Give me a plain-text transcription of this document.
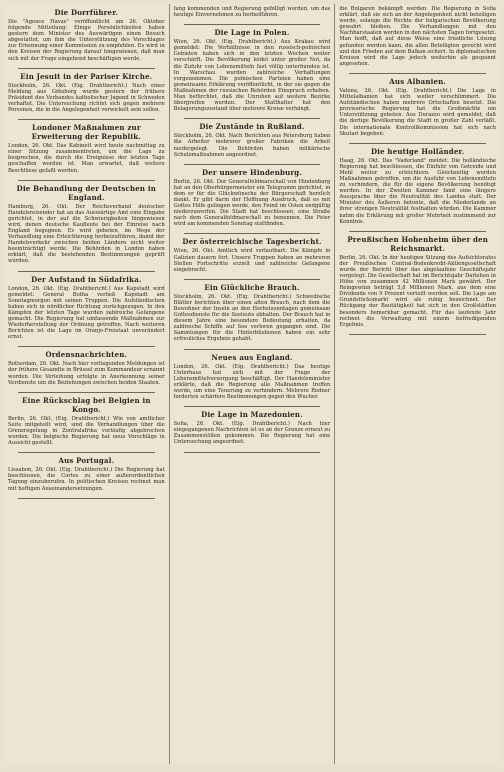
Die Dorrführer.

Die "Agence Havas" veröffentlicht am 26. Oktober folgende Mitteilung: Einige Persönlichkeiten haben gestern dem Minister des Auswärtigen einen Besuch abgestattet, um ihm die Unterstützung des Vorschlages zur Ernennung einer Kommission zu empfehlen. Es wird in den Kreisen der Regierung darauf hingewiesen, daß man sich mit der Frage eingehend beschäftigen werde.

Ein Jesuit in der Pariser Kirche.

Stockholm, 26. Okt. (Eig. Drahtbericht.) Nach einer Meldung aus Göteborg wurde gestern der frühere Präsident des Verbandes katholischer Jugend in Schweden verhaftet. Die Untersuchung richtet sich gegen mehrere Personen, die in die Angelegenheit verwickelt sein sollen.

Londoner Maßnahmen zur Erweiterung der Republik.

London, 26. Okt. Das Kabinett wird heute nachmittag zu einer Sitzung zusammentreten, um die Lage zu besprechen, die durch die Ereignisse der letzten Tage geschaffen worden ist. Man erwartet, daß weitere Beschlüsse gefaßt werden.

Die Behandlung der Deutschen in England.

Hamburg, 26. Okt. Der Reichsverband deutscher Handelsreisender hat an das Auswärtige Amt eine Eingabe gerichtet, in der auf die Schwierigkeiten hingewiesen wird, denen deutsche Kaufleute bei der Einreise nach England begegnen. Es wird gebeten, im Wege der Verhandlung eine Erleichterung herbeizuführen, damit der Handelsverkehr zwischen beiden Ländern nicht weiter beeinträchtigt werde. Die Behörden in London haben erklärt, daß die bestehenden Bestimmungen geprüft würden.

Der Aufstand in Südafrika.

London, 26. Okt. (Eig. Drahtbericht.) Aus Kapstadt wird gemeldet: General Botha verließ Kapstadt am Sonntagmorgen mit seinen Truppen. Die Aufständischen haben sich in nördlicher Richtung zurückgezogen. In den Kämpfen der letzten Tage wurden zahlreiche Gefangene gemacht. Die Regierung hat umfassende Maßnahmen zur Wiederherstellung der Ordnung getroffen. Nach weiteren Berichten ist die Lage im Oranje-Freistaat unverändert ernst.

Ordensnachrichten.

Rotterdam, 26. Okt. Nach hier vorliegenden Meldungen ist der frühere Gesandte in Brüssel zum Kommandeur ernannt worden. Die Verleihung erfolgte in Anerkennung seiner Verdienste um die Beziehungen zwischen beiden Staaten.

Eine Rückschlag bei Belgien in Kongo.

Berlin, 26. Okt. (Eig. Drahtbericht.) Wie von amtlicher Seite mitgeteilt wird, sind die Verhandlungen über die Grenzregelung in Zentralafrika vorläufig abgebrochen worden. Die belgische Regierung hat neue Vorschläge in Aussicht gestellt.

Aus Portugal.

Lissabon, 26. Okt. (Eig. Drahtbericht.) Die Regierung hat beschlossen, die Cortes zu einer außerordentlichen Tagung einzuberufen. In politischen Kreisen rechnet man mit heftigen Auseinandersetzungen.

fang kommenden und Regierung gebilligt werden, um das heutige Einvernehmen zu herbeiführen.

Die Lage in Polen.

Wien, 26. Okt. (Eig. Drahtbericht.) Aus Krakau wird gemeldet: Die Verhältnisse in den russisch-polnischen Gebieten haben sich in den letzten Wochen weiter verschärft. Die Bevölkerung leidet unter großer Not, da die Zufuhr von Lebensmitteln fast völlig unterbunden ist. In Warschau wurden zahlreiche Verhaftungen vorgenommen. Die polnischen Parteien haben eine gemeinsame Erklärung veröffentlicht, in der sie gegen die Maßnahmen der russischen Behörden Einspruch erheben. Man befürchtet, daß die Unruhen auf weitere Bezirke übergreifen werden. Der Statthalter hat den Belagerungszustand über mehrere Kreise verhängt.

Die Zustände in Rußland.

Stockholm, 26. Okt. Nach Berichten aus Petersburg haben die Arbeiter mehrerer großer Fabriken die Arbeit niedergelegt. Die Behörden haben militärische Schutzmaßnahmen angeordnet.

Der unsere Hindenburg.

Berlin, 26. Okt. Der Generalfeldmarschall von Hindenburg hat an den Oberbürgermeister ein Telegramm gerichtet, in dem er für die Glückwünsche der Bürgerschaft herzlich dankt. Er gibt darin der Hoffnung Ausdruck, daß es mit Gottes Hilfe gelingen werde, den Feind im Osten endgültig niederzuwerfen. Die Stadt hat beschlossen, eine Straße nach dem Generalfeldmarschall zu benennen. Die Feier wird am kommenden Sonntag stattfinden.

Der österreichische Tagesbericht.

Wien, 26. Okt. Amtlich wird verlautbart: Die Kämpfe in Galizien dauern fort. Unsere Truppen haben an mehreren Stellen Fortschritte erzielt und zahlreiche Gefangene eingebracht.

Ein Glückliche Brauch.

Stockholm, 26. Okt. (Eig. Drahtbericht.) Schwedische Blätter berichten über einen alten Brauch, nach dem die Bewohner der Inseln an den Herbstsonntagen gemeinsam Gottesdienste für die Seeleute abhalten. Der Brauch hat in diesem Jahre eine besondere Bedeutung erhalten, da zahlreiche Schiffe auf See verloren gegangen sind. Die Sammlungen für die Hinterbliebenen haben ein sehr erfreuliches Ergebnis gehabt.

Neues aus England.

London, 26. Okt. (Eig. Drahtbericht.) Das heutige Unterhaus hat sich mit der Frage der Lebensmittelversorgung beschäftigt. Der Handelsminister erklärte, daß die Regierung alle Maßnahmen treffen werde, um eine Teuerung zu verhindern. Mehrere Redner forderten schärfere Bestimmungen gegen den Wucher.

Die Lage in Mazedonien.

Sofia, 26. Okt. (Eig. Drahtbericht.) Nach hier eingegangenen Nachrichten ist es an der Grenze erneut zu Zusammenstößen gekommen. Die Regierung hat eine Untersuchung angeordnet.

die Bulgaren bekämpft werden. Die Regierung in Sofia erklärt, daß sie sich an der Angelegenheit nicht beteiligen werde, solange die Rechte der bulgarischen Bevölkerung gewahrt bleiben. Die Verhandlungen mit den Nachbarstaaten werden in den nächsten Tagen fortgesetzt. Man hofft, daß auf diese Weise eine friedliche Lösung gefunden werden kann, die allen Beteiligten gerecht wird und den Frieden auf dem Balkan sichert. In diplomatischen Kreisen wird die Lage jedoch weiterhin als gespannt angesehen.

Aus Albanien.

Valona, 26. Okt. (Eig. Drahtbericht.) Die Lage in Mittelalbanien hat sich weiter verschlimmert. Die Aufständischen haben mehrere Ortschaften besetzt. Die provisorische Regierung hat die Großmächte um Unterstützung gebeten. Aus Durazzo wird gemeldet, daß die dortige Bevölkerung die Stadt in großer Zahl verläßt. Die internationale Kontrollkommission hat sich nach Skutari begeben.

Die heutige Holländer.

Haag, 26. Okt. Das "Vaderland" meldet: Die holländische Regierung hat beschlossen, die Einfuhr von Getreide und Mehl weiter zu erleichtern. Gleichzeitig werden Maßnahmen getroffen, um die Ausfuhr von Lebensmitteln zu verhindern, die für die eigene Bevölkerung benötigt werden. In der Zweiten Kammer fand eine längere Aussprache über die Neutralität des Landes statt. Der Minister des Äußeren betonte, daß die Niederlande an ihrer strengen Neutralität festhalten würden. Die Kammer nahm die Erklärung mit großer Mehrheit zustimmend zur Kenntnis.

Preußischen Hohenheim über den Reichsmarkt.

Berlin, 26. Okt. In der heutigen Sitzung des Aufsichtsrates der Preußischen Central-Bodenkredit-Aktiengesellschaft wurde der Bericht über das abgelaufene Geschäftsjahr vorgelegt. Die Gesellschaft hat im Berichtsjahr Darlehen in Höhe von zusammen 42 Millionen Mark gewährt. Der Reingewinn beträgt 5,8 Millionen Mark, aus dem eine Dividende von 9 Prozent verteilt werden soll. Die Lage am Grundstücksmarkt wird als ruhig bezeichnet. Der Rückgang der Bautätigkeit hat sich in den Großstädten besonders bemerkbar gemacht. Für das laufende Jahr rechnet die Verwaltung mit einem befriedigenden Ergebnis.
